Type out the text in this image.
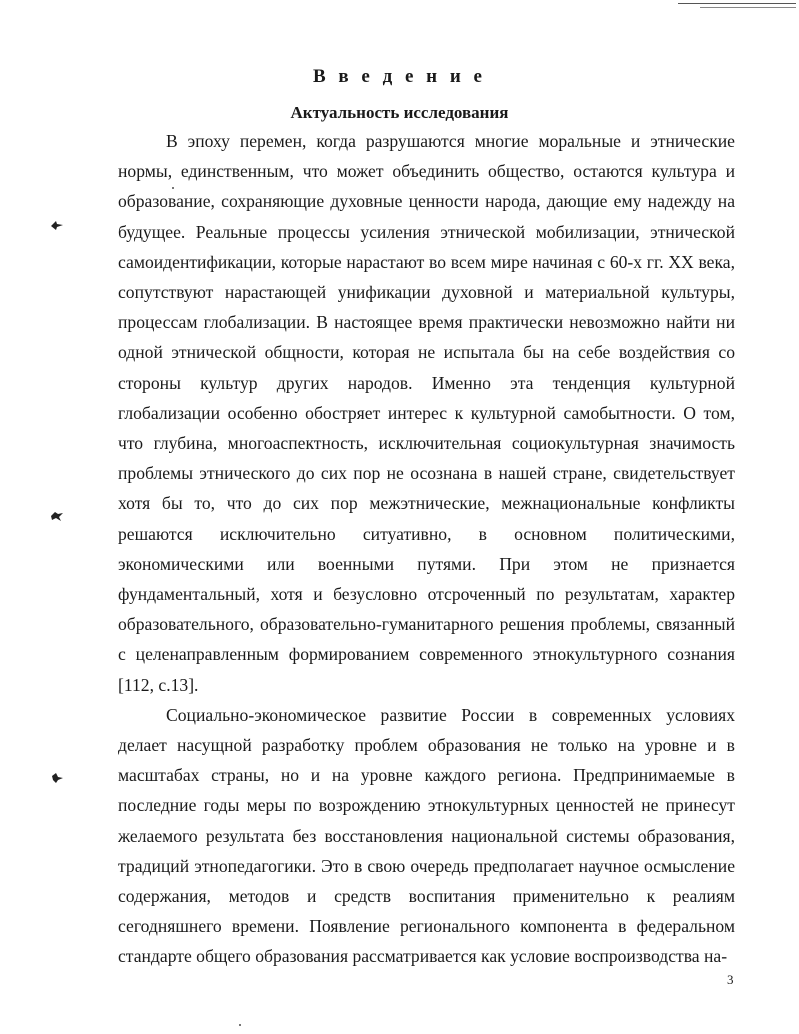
В в е д е н и е
Актуальность исследования

В эпоху перемен, когда разрушаются многие моральные и этнические нормы, единственным, что может объединить общество, остаются культура и образование, сохраняющие духовные ценности народа, дающие ему надежду на будущее. Реальные процессы усиления этнической мобилизации, этнической самоидентификации, которые нарастают во всем мире начиная с 60-х гг. XX века, сопутствуют нарастающей унификации духовной и материальной культуры, процессам глобализации. В настоящее время практически невозможно найти ни одной этнической общности, которая не испытала бы на себе воздействия со стороны культур других народов. Именно эта тенденция культурной глобализации особенно обостряет интерес к культурной самобытности. О том, что глубина, многоаспектность, исключительная социокультурная значимость проблемы этнического до сих пор не осознана в нашей стране, свидетельствует хотя бы то, что до сих пор межэтнические, межнациональные конфликты решаются исключительно ситуативно, в основном политическими, экономическими или военными путями. При этом не признается фундаментальный, хотя и безусловно отсроченный по результатам, характер образовательного, образовательно-гуманитарного решения проблемы, связанный с целенаправленным формированием современного этнокультурного сознания [112, с.13].

Социально-экономическое развитие России в современных условиях делает насущной разработку проблем образования не только на уровне и в масштабах страны, но и на уровне каждого региона. Предпринимаемые в последние годы меры по возрождению этнокультурных ценностей не принесут желаемого результата без восстановления национальной системы образования, традиций этнопедагогики. Это в свою очередь предполагает научное осмысление содержания, методов и средств воспитания применительно к реалиям сегодняшнего времени. Появление регионального компонента в федеральном стандарте общего образования рассматривается как условие воспроизводства на-

3
